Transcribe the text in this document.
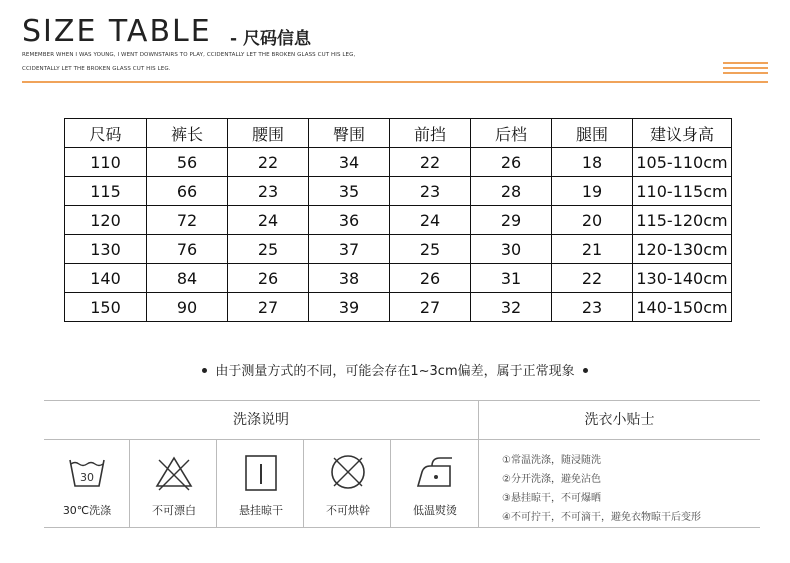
SIZE TABLE - 尺码信息
REMEMBER WHEN I WAS YOUNG, I WENT DOWNSTAIRS TO PLAY, CCIDENTALLY LET THE BROKEN GLASS CUT HIS LEG,
CCIDENTALLY LET THE BROKEN GLASS CUT HIS LEG.
尺码	裤长	腰围	臀围	前挡	后档	腿围	建议身高
110	56	22	34	22	26	18	105-110cm
115	66	23	35	23	28	19	110-115cm
120	72	24	36	24	29	20	115-120cm
130	76	25	37	25	30	21	120-130cm
140	84	26	38	26	31	22	130-140cm
150	90	27	39	27	32	23	140-150cm
由于测量方式的不同，可能会存在1~3cm偏差，属于正常现象
洗涤说明	洗衣小贴士
30
30℃洗涤	不可漂白	悬挂晾干	不可烘幹	低温熨烫
①常温洗涤，随浸随洗
②分开洗涤，避免沾色
③悬挂晾干，不可爆晒
④不可拧干，不可滴干，避免衣物晾干后变形
